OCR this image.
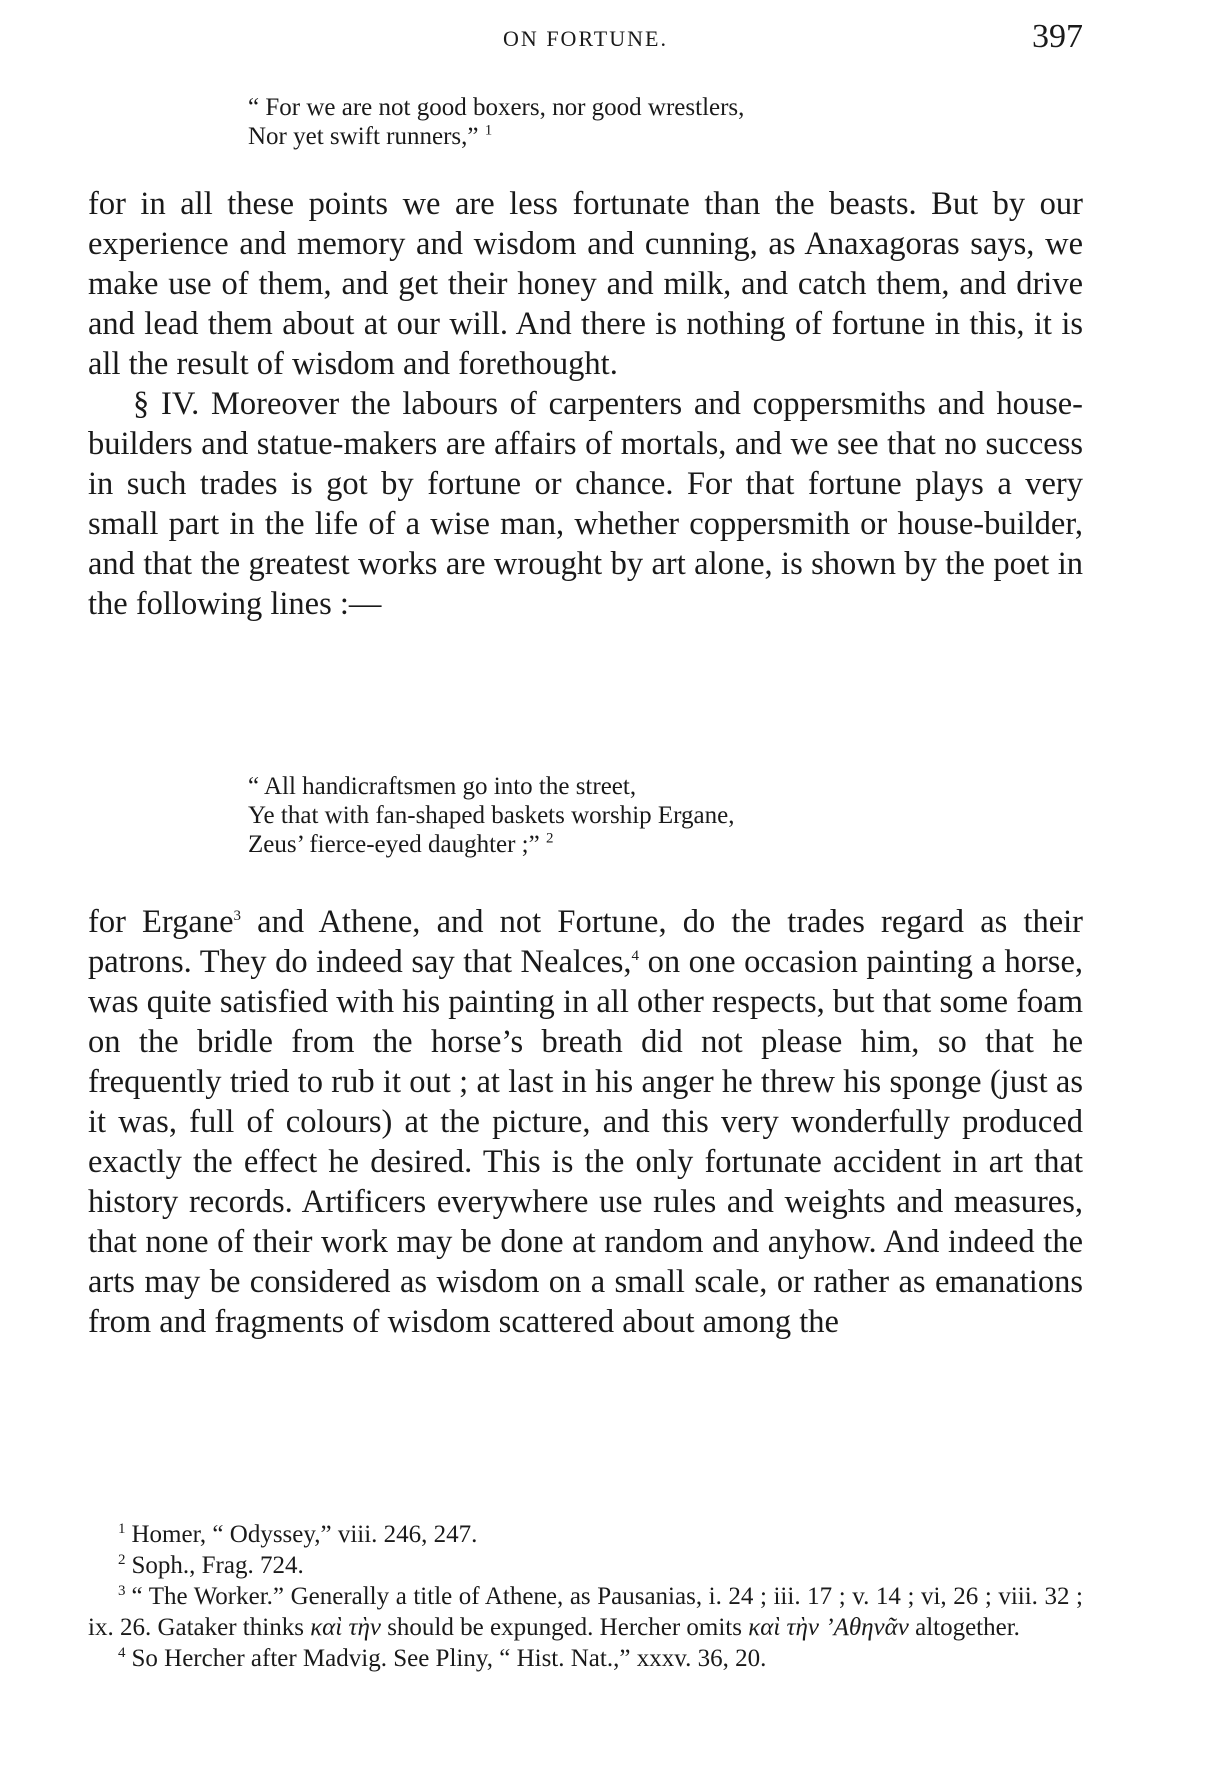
ON FORTUNE.	397
“ For we are not good boxers, nor good wrestlers,
Nor yet swift runners,” $^1$

for in all these points we are less fortunate than the beasts. But by our experience and memory and wisdom and cunning, as Anaxagoras says, we make use of them, and get their honey and milk, and catch them, and drive and lead them about at our will. And there is nothing of fortune in this, it is all the result of wisdom and forethought.

§ IV. Moreover the labours of carpenters and coppersmiths and house-builders and statue-makers are affairs of mortals, and we see that no success in such trades is got by fortune or chance. For that fortune plays a very small part in the life of a wise man, whether coppersmith or house-builder, and that the greatest works are wrought by art alone, is shown by the poet in the following lines :—

“ All handicraftsmen go into the street,
Ye that with fan-shaped baskets worship Ergane,
Zeus’ fierce-eyed daughter ;” $^2$

for Ergane$^3$ and Athene, and not Fortune, do the trades regard as their patrons. They do indeed say that Nealces,$^4$ on one occasion painting a horse, was quite satisfied with his painting in all other respects, but that some foam on the bridle from the horse’s breath did not please him, so that he frequently tried to rub it out ; at last in his anger he threw his sponge (just as it was, full of colours) at the picture, and this very wonderfully produced exactly the effect he desired. This is the only fortunate accident in art that history records. Artificers everywhere use rules and weights and measures, that none of their work may be done at random and anyhow. And indeed the arts may be considered as wisdom on a small scale, or rather as emanations from and fragments of wisdom scattered about among the

$^1$ Homer, “ Odyssey,” viii. 246, 247.
$^2$ Soph., Frag. 724.
$^3$ “ The Worker.” Generally a title of Athene, as Pausanias, i. 24 ; iii. 17 ; v. 14 ; vi, 26 ; viii. 32 ; ix. 26. Gataker thinks καὶ τὴν should be expunged. Hercher omits καὶ τὴν ’Αθηνᾶν altogether.
$^4$ So Hercher after Madvig. See Pliny, “ Hist. Nat.,” xxxv. 36, 20.
